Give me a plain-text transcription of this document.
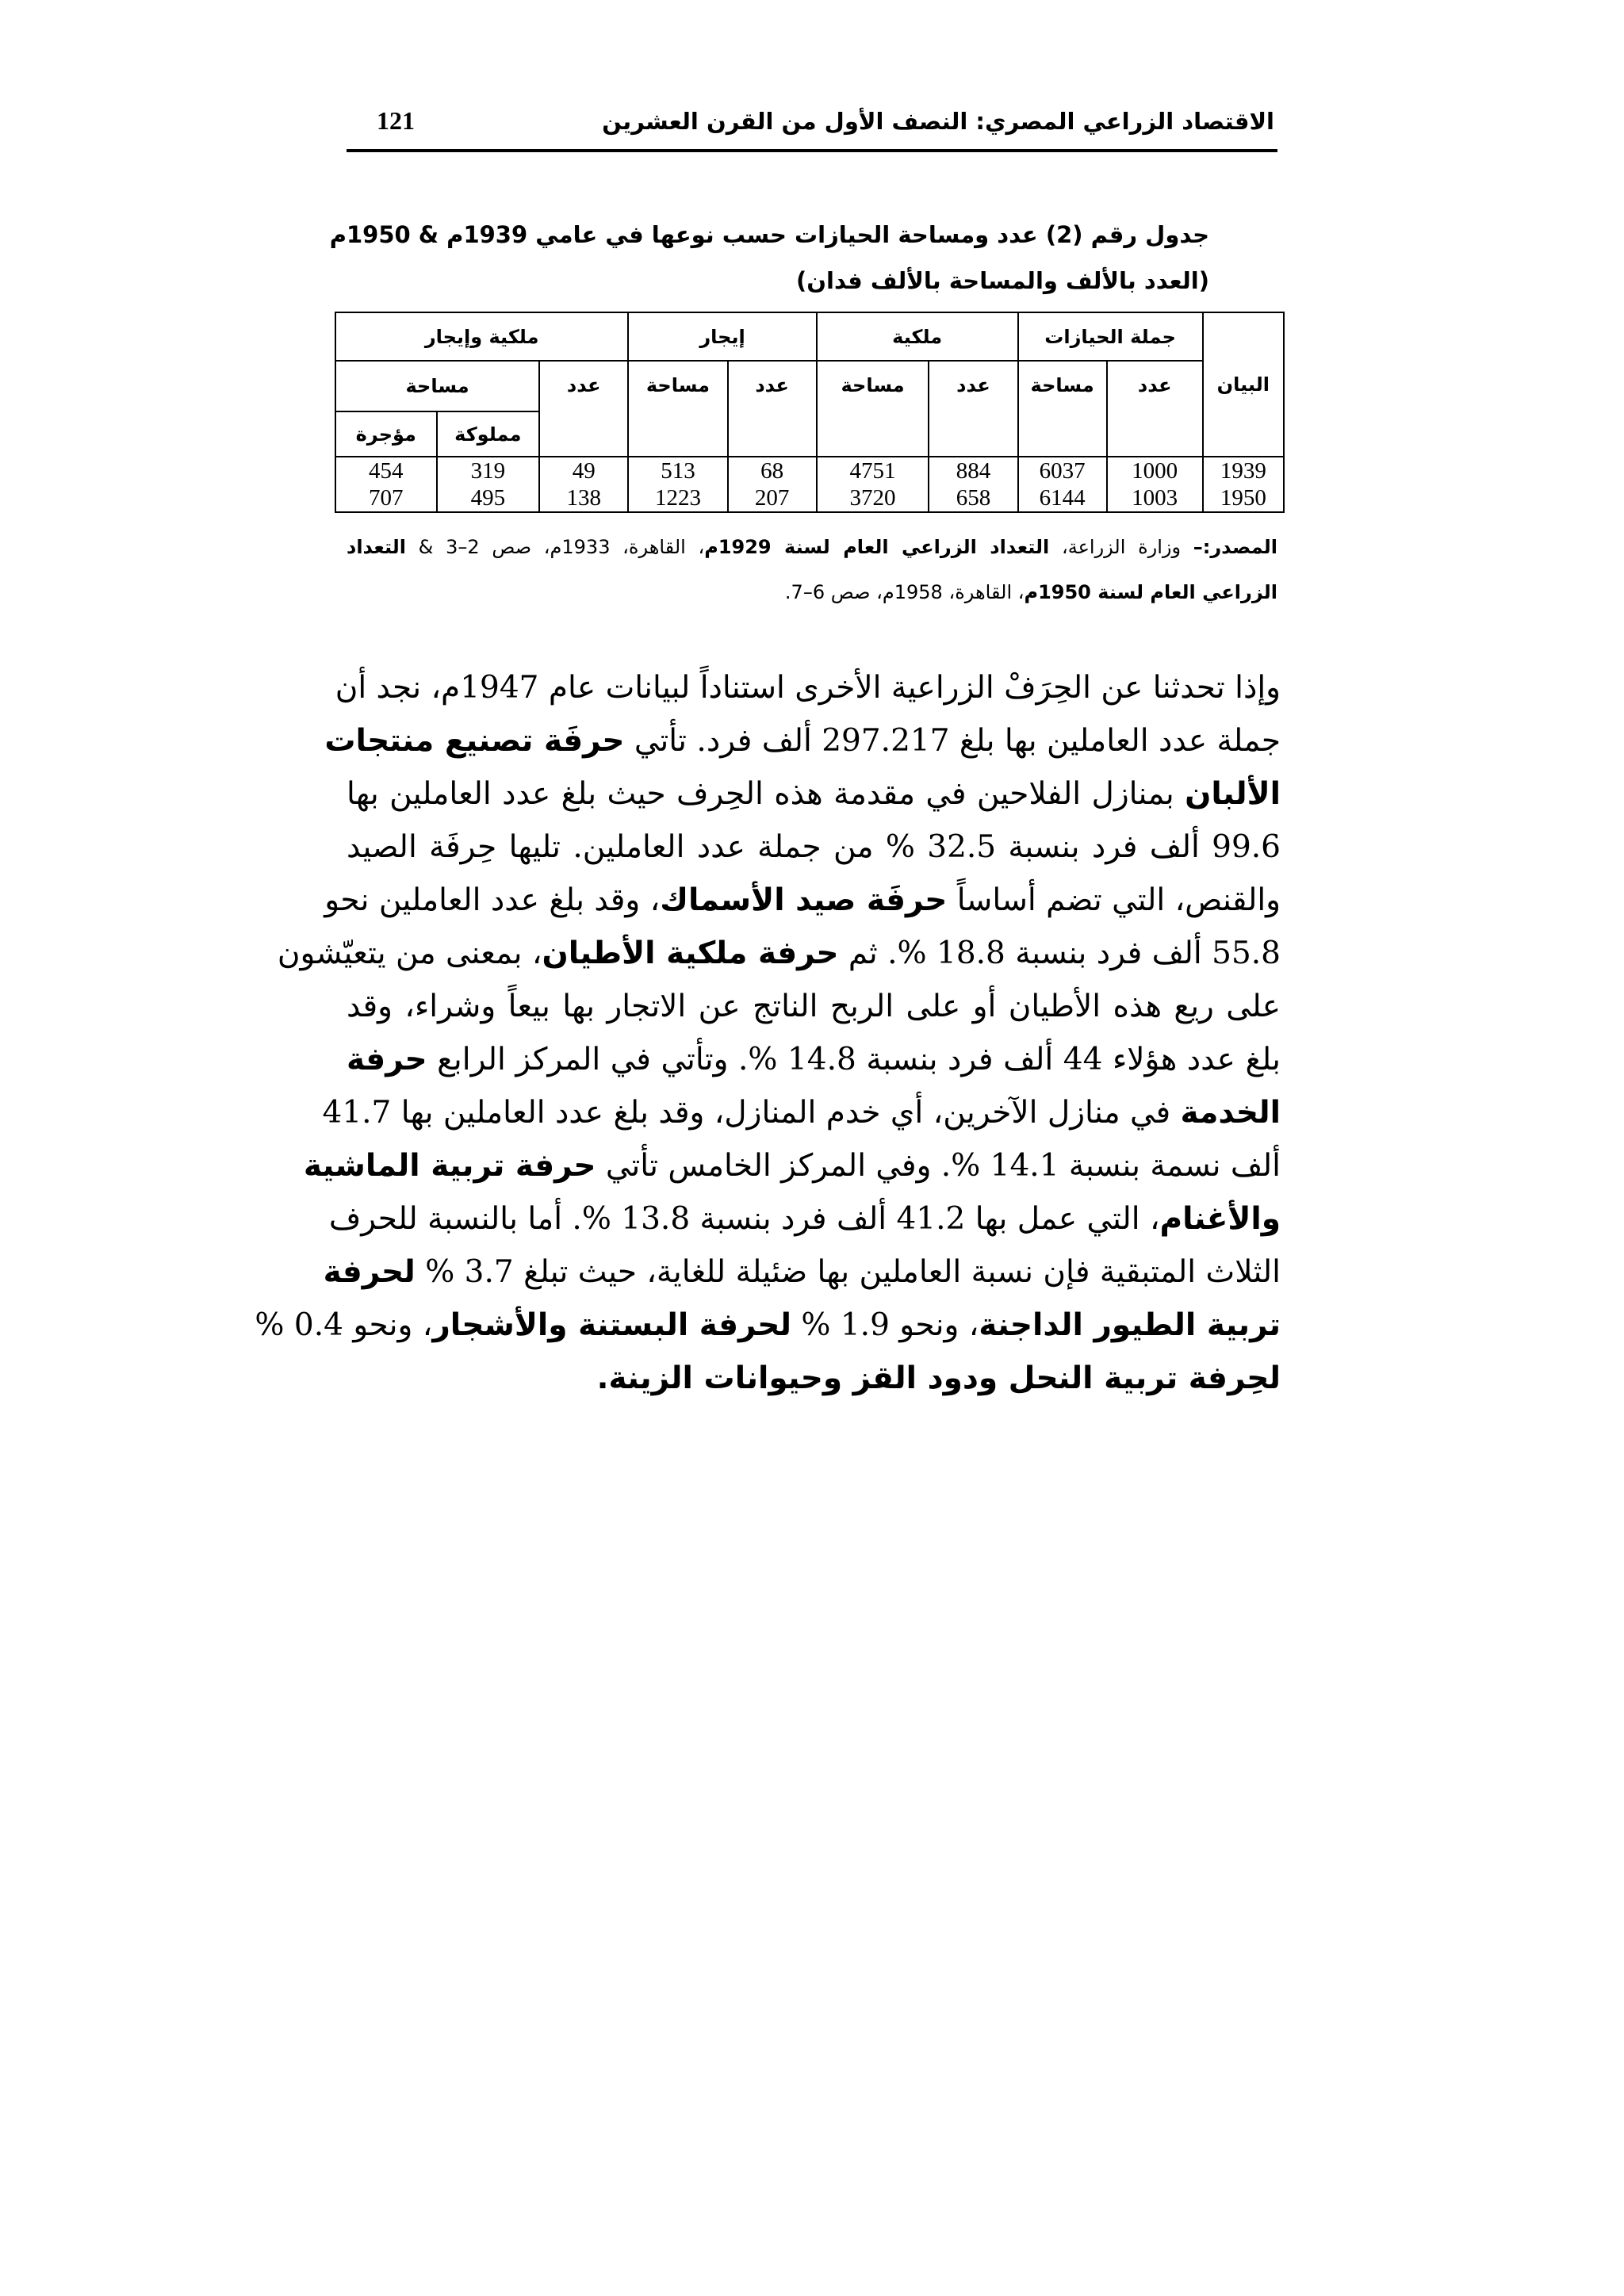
الاقتصاد الزراعي المصري: النصف الأول من القرن العشرين
121
جدول رقم (2) عدد ومساحة الحيازات حسب نوعها في عامي 1939م & 1950م
(العدد بالألف والمساحة بالألف فدان)
البيان	جملة الحيازات		ملكية		إيجار		ملكية وإيجار		
	عدد	مساحة	عدد	مساحة	عدد	مساحة	عدد	مساحة	
								مملوكة	مؤجرة
1939	1000	6037	884	4751	68	513	49	319	454
1950	1003	6144	658	3720	207	1223	138	495	707
المصدر:– وزارة الزراعة، التعداد الزراعي العام لسنة 1929م، القاهرة، 1933م، صص 2–3 & التعداد
الزراعي العام لسنة 1950م، القاهرة، 1958م، صص 6–7.
وإذا تحدثنا عن الحِرَفْ الزراعية الأخرى استناداً لبيانات عام 1947م، نجد أن
جملة عدد العاملين بها بلغ 297.217 ألف فرد. تأتي حرفَة تصنيع منتجات
الألبان بمنازل الفلاحين في مقدمة هذه الحِرف حيث بلغ عدد العاملين بها
99.6 ألف فرد بنسبة 32.5 % من جملة عدد العاملين. تليها حِرفَة الصيد
والقنص، التي تضم أساساً حرفَة صيد الأسماك، وقد بلغ عدد العاملين نحو
55.8 ألف فرد بنسبة 18.8 %. ثم حرفة ملكية الأطيان، بمعنى من يتعيّشون
على ريع هذه الأطيان أو على الربح الناتج عن الاتجار بها بيعاً وشراء، وقد
بلغ عدد هؤلاء 44 ألف فرد بنسبة 14.8 %. وتأتي في المركز الرابع حرفة
الخدمة في منازل الآخرين، أي خدم المنازل، وقد بلغ عدد العاملين بها 41.7
ألف نسمة بنسبة 14.1 %. وفي المركز الخامس تأتي حرفة تربية الماشية
والأغنام، التي عمل بها 41.2 ألف فرد بنسبة 13.8 %. أما بالنسبة للحرف
الثلاث المتبقية فإن نسبة العاملين بها ضئيلة للغاية، حيث تبلغ 3.7 % لحرفة
تربية الطيور الداجنة، ونحو 1.9 % لحرفة البستنة والأشجار، ونحو 0.4 %
لحِرفة تربية النحل ودود القز وحيوانات الزينة.
